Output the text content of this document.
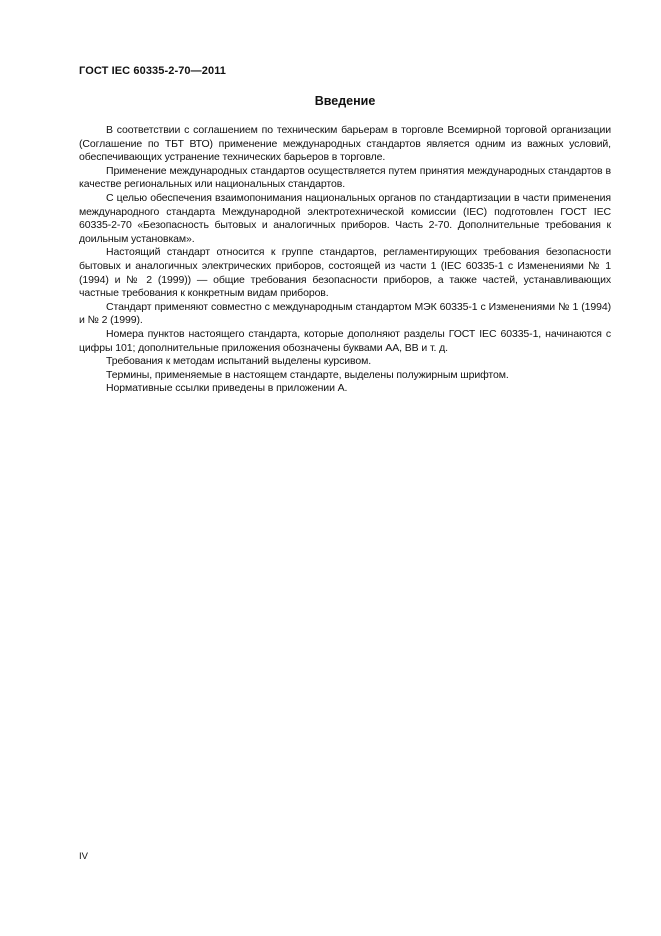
ГОСТ IEC 60335-2-70—2011
Введение

В соответствии с соглашением по техническим барьерам в торговле Всемирной торговой организации (Соглашение по ТБТ ВТО) применение международных стандартов является одним из важных условий, обеспечивающих устранение технических барьеров в торговле.

Применение международных стандартов осуществляется путем принятия международных стандартов в качестве региональных или национальных стандартов.

С целью обеспечения взаимопонимания национальных органов по стандартизации в части применения международного стандарта Международной электротехнической комиссии (IEC) подготовлен ГОСТ IEC 60335-2-70 «Безопасность бытовых и аналогичных приборов. Часть 2-70. Дополнительные требования к доильным установкам».

Настоящий стандарт относится к группе стандартов, регламентирующих требования безопасности бытовых и аналогичных электрических приборов, состоящей из части 1 (IEC 60335-1 с Изменениями № 1 (1994) и № 2 (1999)) — общие требования безопасности приборов, а также частей, устанавливающих частные требования к конкретным видам приборов.

Стандарт применяют совместно с международным стандартом МЭК 60335-1 с Изменениями № 1 (1994) и № 2 (1999).

Номера пунктов настоящего стандарта, которые дополняют разделы ГОСТ IEC 60335-1, начинаются с цифры 101; дополнительные приложения обозначены буквами AA, BB и т. д.

Требования к методам испытаний выделены курсивом.

Термины, применяемые в настоящем стандарте, выделены полужирным шрифтом.

Нормативные ссылки приведены в приложении А.

IV
